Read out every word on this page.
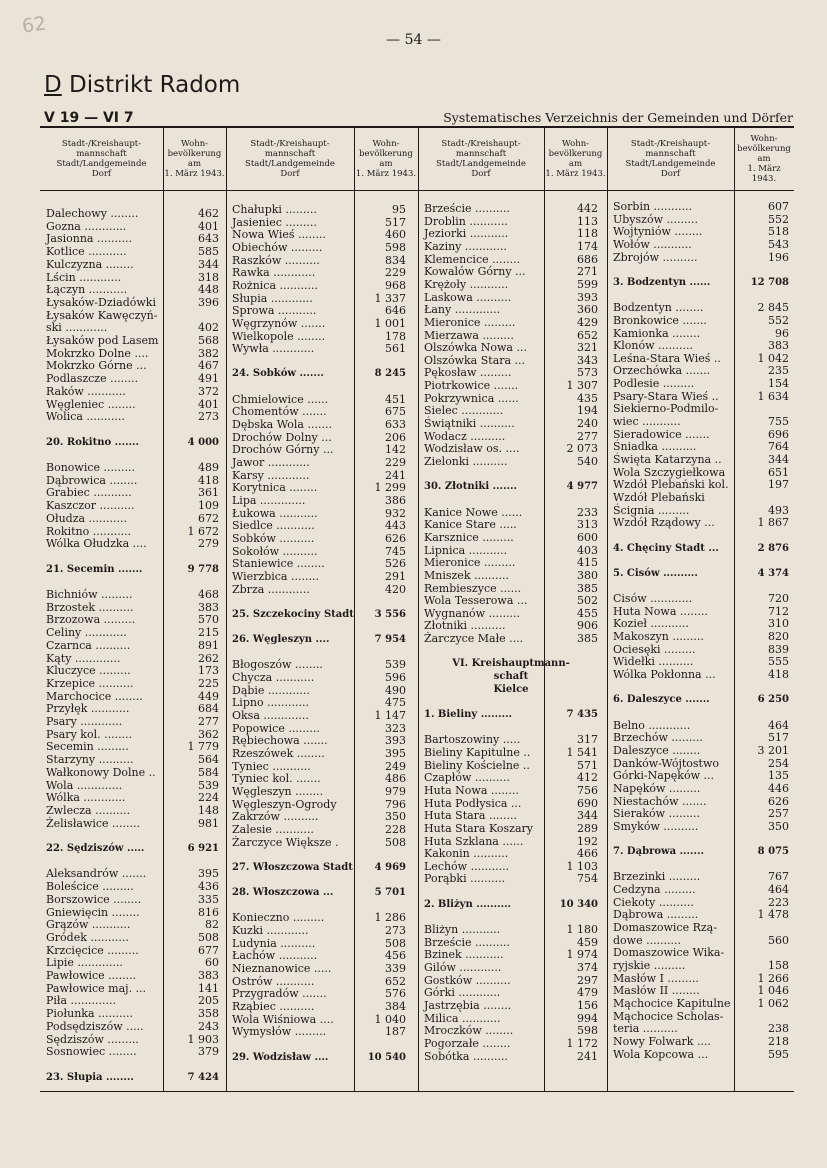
62
— 54 —
D Distrikt Radom
V 19 — VI 7	Systematisches Verzeichnis der Gemeinden und Dörfer
Stadt-/Kreishaupt-
mannschaft
Stadt/Landgemeinde
Dorf
Wohn-
bevölkerung
am
1. März 1943.
Stadt-/Kreishaupt-
mannschaft
Stadt/Landgemeinde
Dorf
Wohn-
bevölkerung
am
1. März 1943.
Stadt-/Kreishaupt-
mannschaft
Stadt/Landgemeinde
Dorf
Wohn-
bevölkerung
am
1. März 1943.
Stadt-/Kreishaupt-
mannschaft
Stadt/Landgemeinde
Dorf
Wohn-
bevölkerung
am
1. März 1943.
Dalechowy ........	462
Gozna ............	401
Jasionna ..........	643
Kotlice ...........	585
Kulczyzna ........	344
Lścin ............	318
Łączyn ...........	448
Łysaków-Dziadówki	396
Łysaków Kawęczyń-
ski ............	402
Łysaków pod Lasem	568
Mokrzko Dolne ....	382
Mokrzko Górne ...	467
Podlaszcze ........	491
Raków ...........	372
Węgleniec ........	401
Wolica ...........	273
20. Rokitno .......	4 000
Bonowice .........	489
Dąbrowica ........	418
Grabiec ...........	361
Kaszczor ..........	109
Ołudza ...........	672
Rokitno ...........	1 672
Wólka Ołudzka ....	279
21. Secemin .......	9 778
Bichniów .........	468
Brzostek ..........	383
Brzozowa .........	570
Celiny ............	215
Czarnca ..........	891
Kąty .............	262
Kluczyce .........	173
Krzepice ..........	225
Marchocice ........	449
Przyłęk ...........	684
Psary ............	277
Psary kol. ........	362
Secemin .........	1 779
Starzyny ..........	564
Wałkonowy Dolne ..	584
Wola .............	539
Wólka ............	224
Zwlecza ..........	148
Żelisławice ........	981
22. Sędziszów .....	6 921
Aleksandrów .......	395
Boleścice .........	436
Borszowice ........	335
Gniewięcin ........	816
Grązów ...........	82
Gródek ...........	508
Krzcięcice .........	677
Lipie .............	60
Pawłowice ........	383
Pawłowice maj. ...	141
Piła .............	205
Piołunka ..........	358
Podsędziszów .....	243
Sędziszów .........	1 903
Sosnowiec ........	379
23. Słupia ........	7 424
Chałupki .........	95
Jasieniec .........	517
Nowa Wieś ........	460
Obiechów .........	598
Raszków ..........	834
Rawka ............	229
Rożnica ...........	968
Słupia ............	1 337
Sprowa ...........	646
Węgrzynów .......	1 001
Wielkopole ........	178
Wywła ............	561
24. Sobków .......	8 245
Chmielowice ......	451
Chomentów .......	675
Dębska Wola .......	633
Drochów Dolny ...	206
Drochów Górny ...	142
Jawor ............	229
Karsy ............	241
Korytnica ........	1 299
Lipa .............	386
Łukowa ...........	932
Siedlce ...........	443
Sobków ..........	626
Sokołów ..........	745
Staniewice ........	526
Wierzbica ........	291
Zbrza ............	420
25. Szczekociny Stadt 3 556
26. Węgleszyn ....	7 954
Błogoszów ........	539
Chycza ...........	596
Dąbie ............	490
Lipno ............	475
Oksa .............	1 147
Popowice .........	323
Rębiechowa .......	393
Rzeszówek ........	395
Tyniec ...........	249
Tyniec kol. .......	486
Węgleszyn ........	979
Węgleszyn-Ogrody	796
Zakrzów ..........	350
Zalesie ...........	228
Żarczyce Większe .	508
27. Włoszczowa Stadt 4 969
28. Włoszczowa ...	5 701
Konieczno .........	1 286
Kuzki ............	273
Ludynia ..........	508
Łachów ...........	456
Nieznanowice .....	339
Ostrów ...........	652
Przygradów .......	576
Rząbiec ..........	384
Wola Wiśniowa ....	1 040
Wymysłów .........	187
29. Wodzisław ....	10 540
Brzeście ..........	442
Droblin ...........	113
Jeziorki ...........	118
Kaziny ............	174
Klemencice ........	686
Kowalów Górny ...	271
Krężoły ...........	599
Laskowa ..........	393
Łany .............	360
Mieronice .........	429
Mierzawa .........	652
Olszówka Nowa ...	321
Olszówka Stara ...	343
Pękosław .........	573
Piotrkowice .......	1 307
Pokrzywnica ......	435
Sielec ............	194
Świątniki ..........	240
Wodacz ..........	277
Wodzisław os. ....	2 073
Zielonki ..........	540
30. Złotniki .......	4 977
Kanice Nowe ......	233
Kanice Stare .....	313
Karsznice .........	600
Lipnica ...........	403
Mieronice .........	415
Mniszek ..........	380
Rembieszyce ......	385
Wola Tesserowa ...	502
Wygnanów .........	455
Złotniki ..........	906
Żarczyce Małe ....	385
VI. Kreishauptmann-
schaft
Kielce
1. Bieliny .........	7 435
Bartoszowiny .....	317
Bieliny Kapitulne ..	1 541
Bieliny Kościelne ..	571
Czapłów ..........	412
Huta Nowa ........	756
Huta Podłysica ...	690
Huta Stara ........	344
Huta Stara Koszary	289
Huta Szklana ......	192
Kakonin ..........	466
Lechów ...........	1 103
Porąbki ..........	754
2. Bliżyn ..........	10 340
Bliżyn ...........	1 180
Brzeście ..........	459
Bzinek ...........	1 974
Gilów ............	374
Gostków ..........	297
Górki ............	479
Jastrzębia ........	156
Milica ...........	994
Mroczków ........	598
Pogorzałe ........	1 172
Sobótka ..........	241
Sorbin ...........	607
Ubyszów .........	552
Wojtyniów ........	518
Wołów ...........	543
Zbrojów ..........	196
3. Bodzentyn ......	12 708
Bodzentyn ........	2 845
Bronkowice .......	552
Kamionka ........	96
Klonów ..........	383
Leśna-Stara Wieś ..	1 042
Orzechówka .......	235
Podlesie .........	154
Psary-Stara Wieś ..	1 634
Siekierno-Podmilo-
wiec ...........	755
Sieradowice .......	696
Śniadka ..........	764
Święta Katarzyna ..	344
Wola Szczygiełkowa	651
Wzdół Plebański kol.	197
Wzdół Plebański
Ścignia .........	493
Wzdół Rządowy ...	1 867
4. Chęciny Stadt ...	2 876
5. Cisów ..........	4 374
Cisów ............	720
Huta Nowa ........	712
Kozieł ...........	310
Makoszyn .........	820
Ociesęki .........	839
Widełki ..........	555
Wólka Pokłonna ...	418
6. Daleszyce .......	6 250
Belno ............	464
Brzechów .........	517
Daleszyce ........	3 201
Danków-Wójtostwo	254
Górki-Napęków ...	135
Napęków .........	446
Niestachów .......	626
Sieraków .........	257
Smyków ..........	350
7. Dąbrowa .......	8 075
Brzezinki .........	767
Cedzyna .........	464
Ciekoty ..........	223
Dąbrowa .........	1 478
Domaszowice Rzą-
dowe ..........	560
Domaszowice Wika-
ryjskie .........	158
Masłów I .........	1 266
Masłów II ........	1 046
Mąchocice Kapitulne 1 062
Mąchocice Scholas-
teria ..........	238
Nowy Folwark ....	218
Wola Kopcowa ...	595
